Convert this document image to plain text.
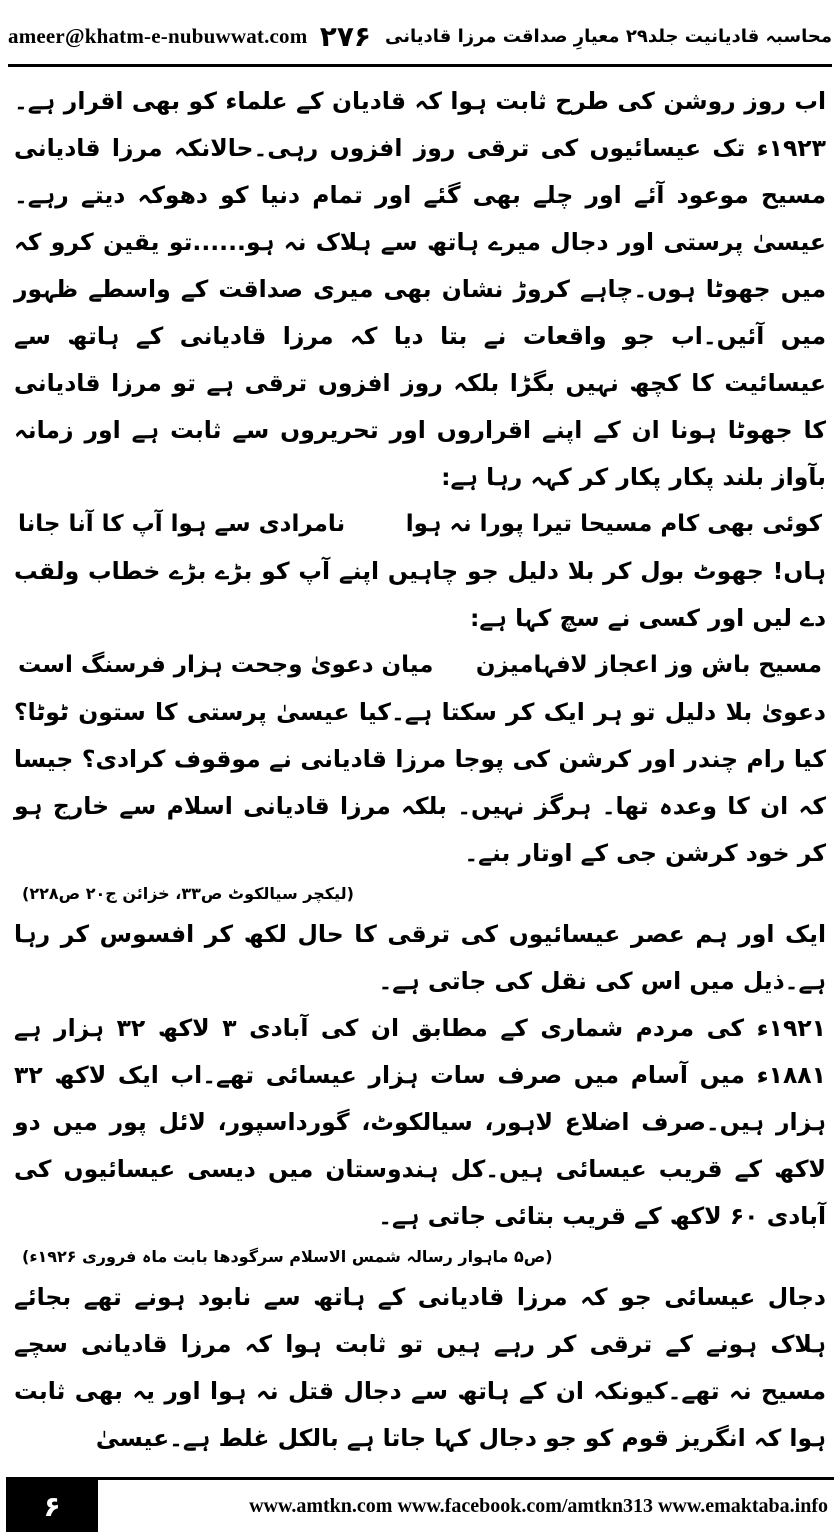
ameer@khatm-e-nubuwwat.com	محاسبہ قادیانیت جلد۲۹ معیارِ صداقت مرزا قادیانی
۲۷۶

اب روز روشن کی طرح ثابت ہوا کہ قادیان کے علماء کو بھی اقرار ہے۔۱۹۲۳ء تک عیسائیوں کی ترقی روز افزوں رہی۔حالانکہ مرزا قادیانی مسیح موعود آئے اور چلے بھی گئے اور تمام دنیا کو دھوکہ دیتے رہے۔عیسیٰ پرستی اور دجال میرے ہاتھ سے ہلاک نہ ہو......تو یقین کرو کہ میں جھوٹا ہوں۔چاہے کروڑ نشان بھی میری صداقت کے واسطے ظہور میں آئیں۔اب جو واقعات نے بتا دیا کہ مرزا قادیانی کے ہاتھ سے عیسائیت کا کچھ نہیں بگڑا بلکہ روز افزوں ترقی ہے تو مرزا قادیانی کا جھوٹا ہونا ان کے اپنے اقراروں اور تحریروں سے ثابت ہے اور زمانہ بآواز بلند پکار پکار کر کہہ رہا ہے:

کوئی بھی کام مسیحا تیرا پورا نہ ہوا
نامرادی سے ہوا آپ کا آنا جانا

ہاں! جھوٹ بول کر بلا دلیل جو چاہیں اپنے آپ کو بڑے بڑے خطاب ولقب دے لیں اور کسی نے سچ کہا ہے:

مسیح باش وز اعجاز لافہامیزن
میان دعویٰ وجحت ہزار فرسنگ است

دعویٰ بلا دلیل تو ہر ایک کر سکتا ہے۔کیا عیسیٰ پرستی کا ستون ٹوٹا؟ کیا رام چندر اور کرشن کی پوجا مرزا قادیانی نے موقوف کرادی؟ جیسا کہ ان کا وعدہ تھا۔ ہرگز نہیں۔ بلکہ مرزا قادیانی اسلام سے خارج ہو کر خود کرشن جی کے اوتار بنے۔

(لیکچر سیالکوٹ ص۳۳، خزائن ج۲۰ ص۲۲۸)

ایک اور ہم عصر عیسائیوں کی ترقی کا حال لکھ کر افسوس کر رہا ہے۔ذیل میں اس کی نقل کی جاتی ہے۔

۱۹۲۱ء کی مردم شماری کے مطابق ان کی آبادی ۳ لاکھ ۳۲ ہزار ہے ۱۸۸۱ء میں آسام میں صرف سات ہزار عیسائی تھے۔اب ایک لاکھ ۳۲ ہزار ہیں۔صرف اضلاع لاہور، سیالکوٹ، گورداسپور، لائل پور میں دو لاکھ کے قریب عیسائی ہیں۔کل ہندوستان میں دیسی عیسائیوں کی آبادی ۶۰ لاکھ کے قریب بتائی جاتی ہے۔

(ص۵ ماہوار رسالہ شمس الاسلام سرگودھا بابت ماہ فروری ۱۹۲۶ء)

دجال عیسائی جو کہ مرزا قادیانی کے ہاتھ سے نابود ہونے تھے بجائے ہلاک ہونے کے ترقی کر رہے ہیں تو ثابت ہوا کہ مرزا قادیانی سچے مسیح نہ تھے۔کیونکہ ان کے ہاتھ سے دجال قتل نہ ہوا اور یہ بھی ثابت ہوا کہ انگریز قوم کو جو دجال کہا جاتا ہے بالکل غلط ہے۔عیسیٰ

۶	www.amtkn.com www.facebook.com/amtkn313 www.emaktaba.info
